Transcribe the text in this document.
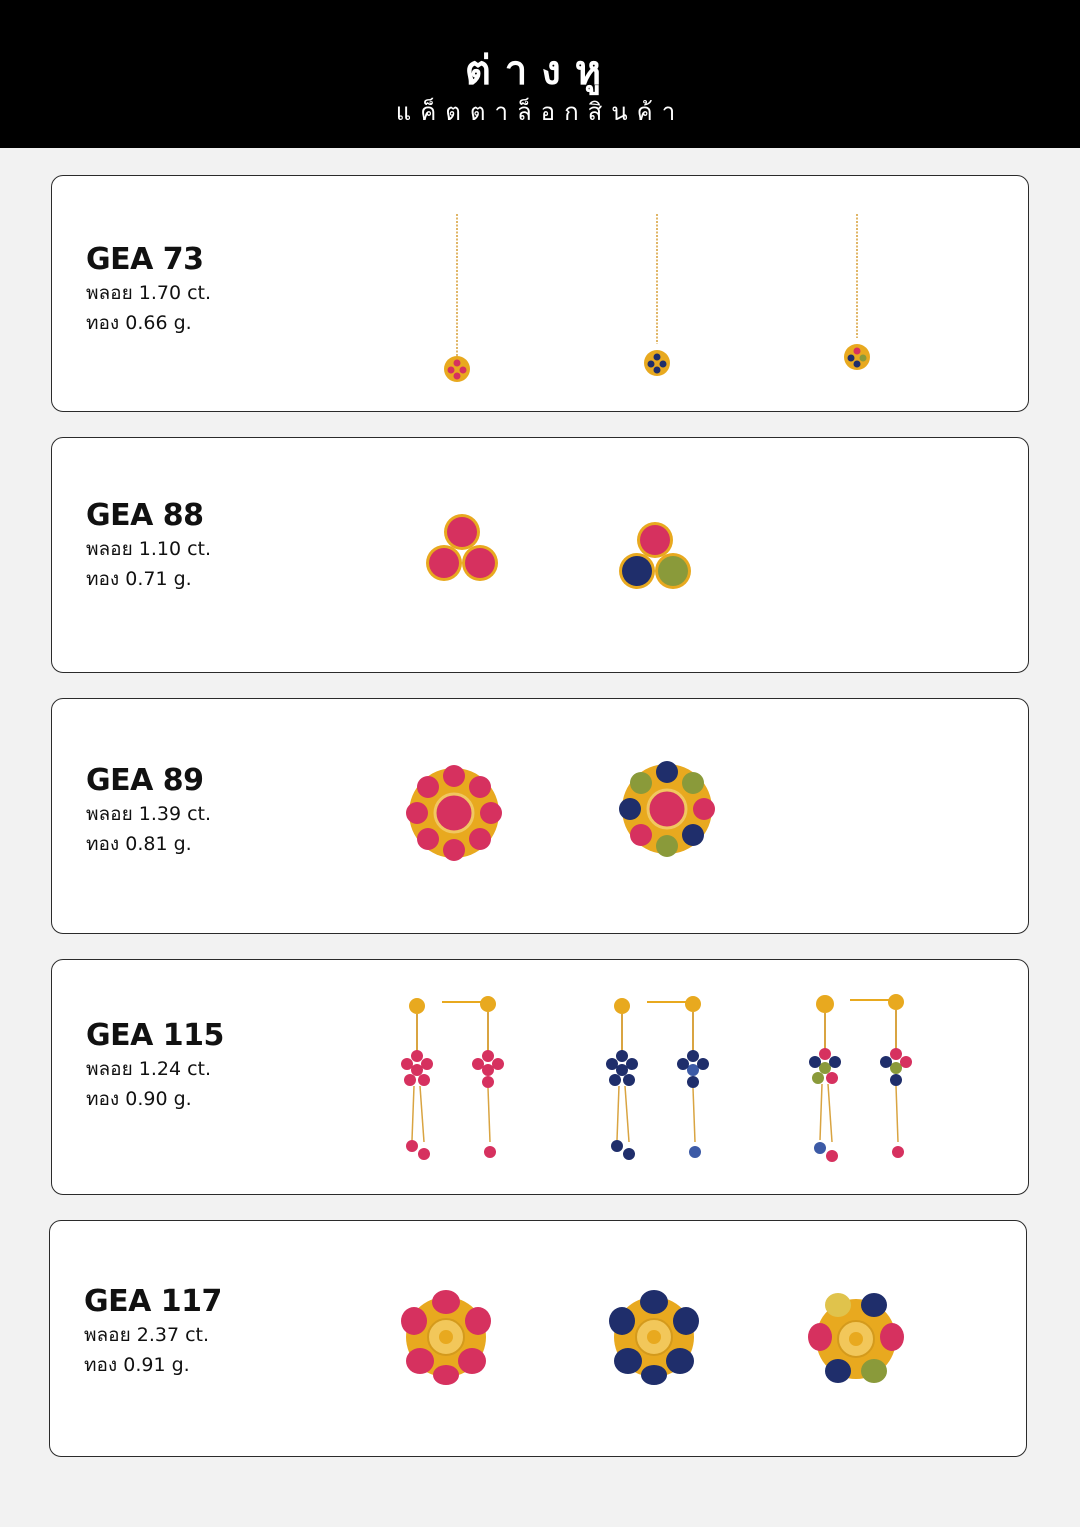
ต่างหู
แค็ตตาล็อกสินค้า
GEA 73
พลอย 1.70 ct.
ทอง 0.66 g.
GEA 88
พลอย 1.10 ct.
ทอง 0.71 g.
GEA 89
พลอย 1.39 ct.
ทอง 0.81 g.
GEA 115
พลอย 1.24 ct.
ทอง 0.90 g.
GEA 117
พลอย 2.37 ct.
ทอง 0.91 g.
